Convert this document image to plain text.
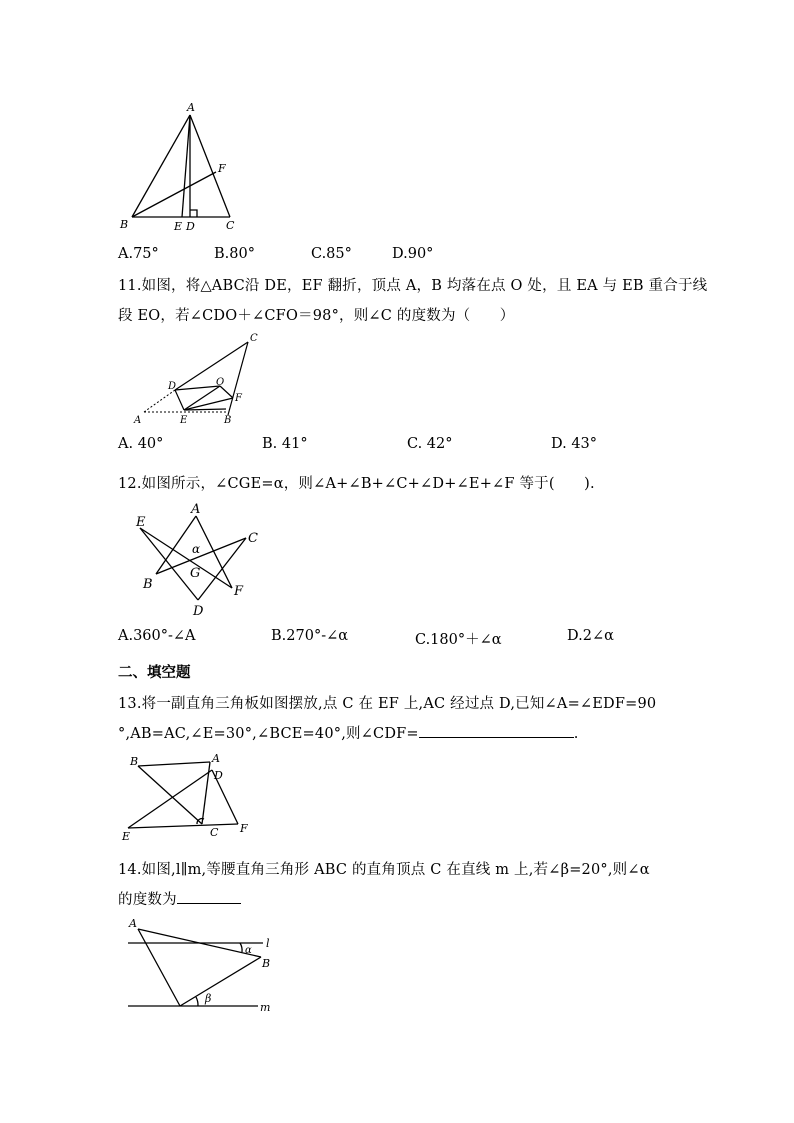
A
F
B	E D	C
A.75°	B.80°	C.85°	D.90°
11.如图，将△ABC沿 DE，EF 翻折，顶点 A，B 均落在点 O 处，且 EA 与 EB 重合于线
段 EO，若∠CDO＋∠CFO＝98°，则∠C 的度数为（　　）
C
D	O
F
A	E	B
A. 40°	B. 41°	C. 42°	D. 43°
12.如图所示，∠CGE=α，则∠A+∠B+∠C+∠D+∠E+∠F 等于(　　).
E
A
C
α
G
B	F
D
A.360°-∠A	B.270°-∠α	C.180°＋∠α	D.2∠α
二、填空题
13.将一副直角三角板如图摆放,点 C 在 EF 上,AC 经过点 D,已知∠A=∠EDF=90
°,AB=AC,∠E=30°,∠BCE=40°,则∠CDF=	.
B	A
D
E	C F
14.如图,l∥m,等腰直角三角形 ABC 的直角顶点 C 在直线 m 上,若∠β=20°,则∠α
的度数为
A
l
α
B
β
m
